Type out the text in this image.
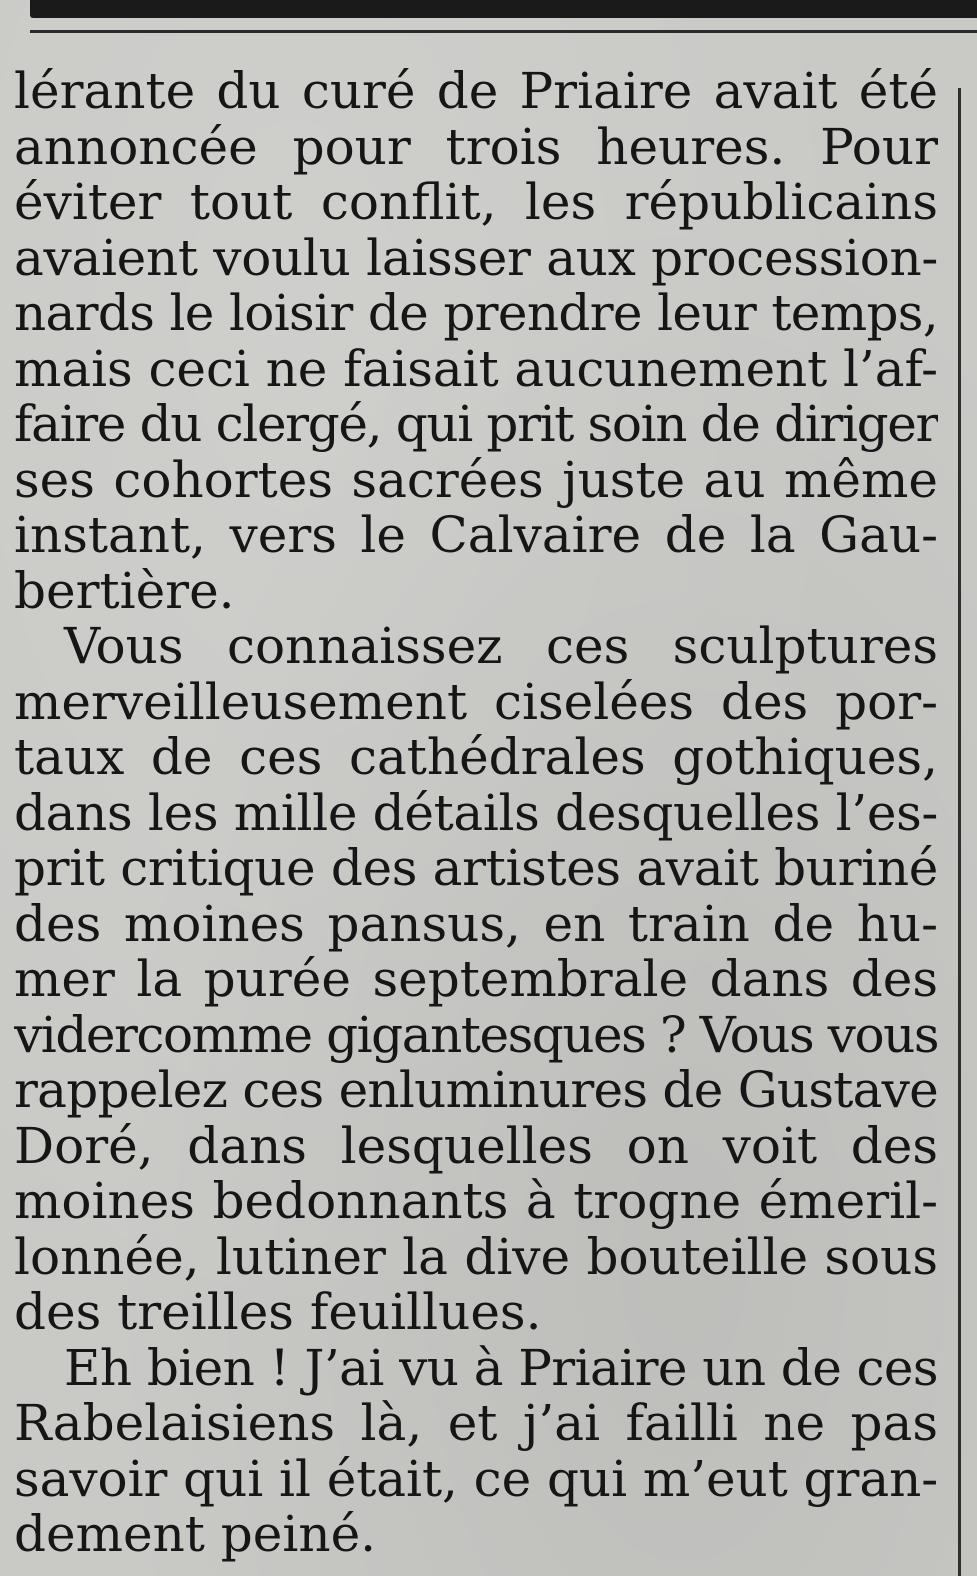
lérante du curé de Priaire avait été
annoncée pour trois heures. Pour
éviter tout conflit, les républicains
avaient voulu laisser aux procession-
nards le loisir de prendre leur temps,
mais ceci ne faisait aucunement l’af-
faire du clergé, qui prit soin de diriger
ses cohortes sacrées juste au même
instant, vers le Calvaire de la Gau-
bertière.
Vous connaissez ces sculptures
merveilleusement ciselées des por-
taux de ces cathédrales gothiques,
dans les mille détails desquelles l’es-
prit critique des artistes avait buriné
des moines pansus, en train de hu-
mer la purée septembrale dans des
vidercomme gigantesques ? Vous vous
rappelez ces enluminures de Gustave
Doré, dans lesquelles on voit des
moines bedonnants à trogne émeril-
lonnée, lutiner la dive bouteille sous
des treilles feuillues.
Eh bien ! J’ai vu à Priaire un de ces
Rabelaisiens là, et j’ai failli ne pas
savoir qui il était, ce qui m’eut gran-
dement peiné.
